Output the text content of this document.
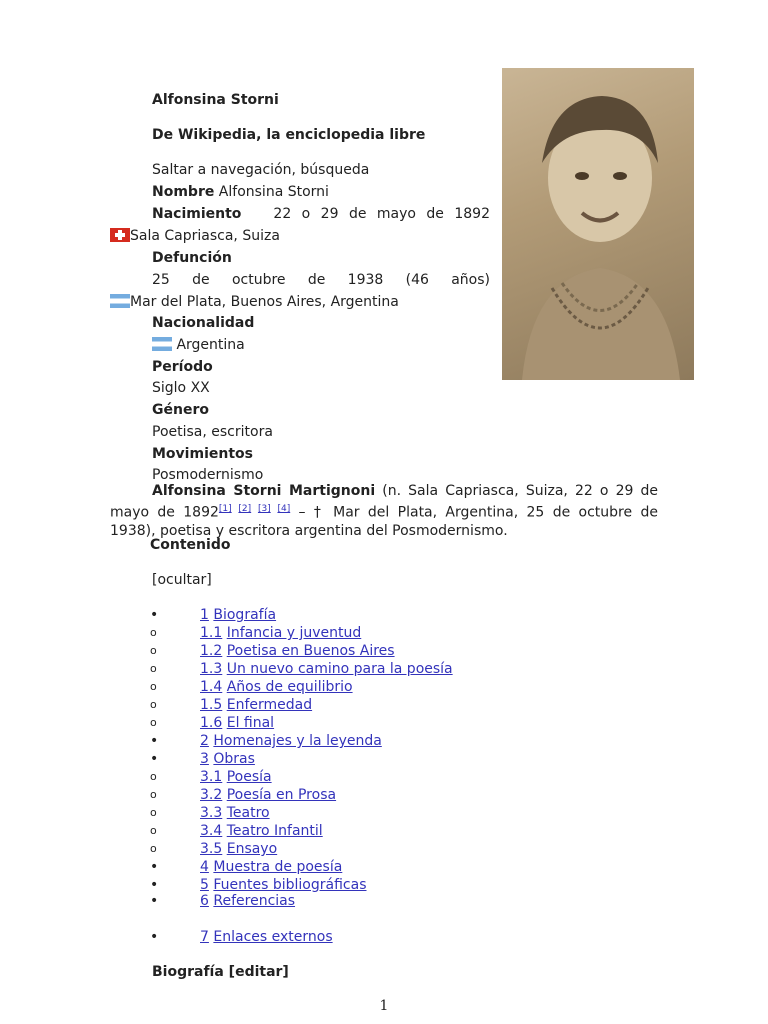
Alfonsina Storni
De Wikipedia, la enciclopedia libre
Saltar a navegación, búsqueda
Nombre Alfonsina Storni
Nacimiento 22 o 29 de mayo de 1892
Sala Capriasca, Suiza
Defunción
25 de octubre de 1938 (46 años)
Mar del Plata, Buenos Aires, Argentina
Nacionalidad
Argentina
Período
Siglo XX
Género
Poetisa, escritora
Movimientos
Posmodernismo
Alfonsina Storni Martignoni (n. Sala Capriasca, Suiza, 22 o 29 de
mayo de 1892[1] [2] [3] [4] – † Mar del Plata, Argentina, 25 de octubre de
1938), poetisa y escritora argentina del Posmodernismo.
Contenido
[ocultar]
•	1 Biografía
o	1.1 Infancia y juventud
o	1.2 Poetisa en Buenos Aires
o	1.3 Un nuevo camino para la poesía
o	1.4 Años de equilibrio
o	1.5 Enfermedad
o	1.6 El final
•	2 Homenajes y la leyenda
•	3 Obras
o	3.1 Poesía
o	3.2 Poesía en Prosa
o	3.3 Teatro
o	3.4 Teatro Infantil
o	3.5 Ensayo
•	4 Muestra de poesía
•	5 Fuentes bibliográficas
•	6 Referencias
•	7 Enlaces externos
Biografía [editar]
1
